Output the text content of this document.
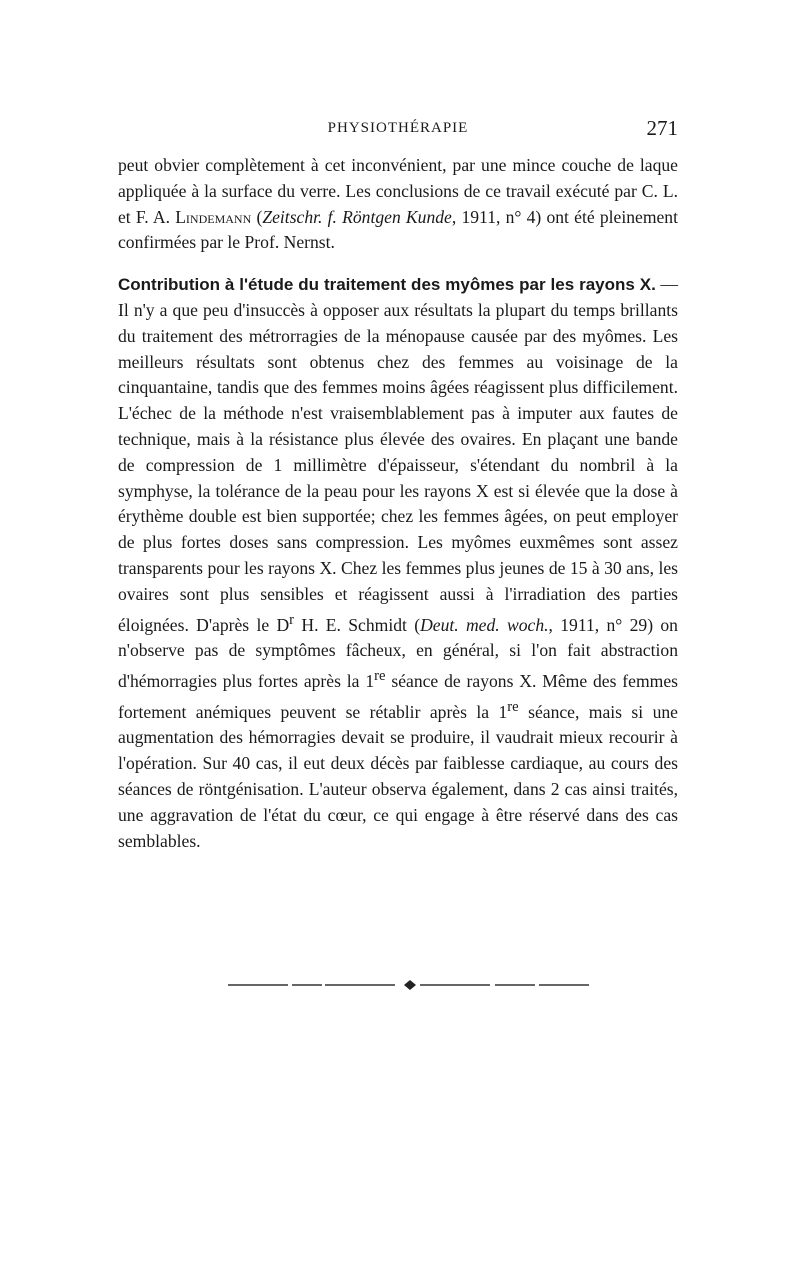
PHYSIOTHÉRAPIE	271

peut obvier complètement à cet inconvénient, par une mince couche de laque appliquée à la surface du verre. Les conclusions de ce travail exécuté par C. L. et F. A. Lindemann (Zeitschr. f. Röntgen Kunde, 1911, n° 4) ont été pleinement confirmées par le Prof. Nernst.

Contribution à l'étude du traitement des myômes par les rayons X. — Il n'y a que peu d'insuccès à opposer aux résultats la plupart du temps brillants du traitement des métrorragies de la ménopause causée par des myômes. Les meilleurs résultats sont obtenus chez des femmes au voisinage de la cinquantaine, tandis que des femmes moins âgées réagissent plus difficilement. L'échec de la méthode n'est vraisemblablement pas à imputer aux fautes de technique, mais à la résistance plus élevée des ovaires. En plaçant une bande de compression de 1 millimètre d'épaisseur, s'étendant du nombril à la symphyse, la tolérance de la peau pour les rayons X est si élevée que la dose à érythème double est bien supportée; chez les femmes âgées, on peut employer de plus fortes doses sans compression. Les myômes euxmêmes sont assez transparents pour les rayons X. Chez les femmes plus jeunes de 15 à 30 ans, les ovaires sont plus sensibles et réagissent aussi à l'irradiation des parties éloignées. D'après le $D^r$ H. E. Schmidt (Deut. med. woch., 1911, n° 29) on n'observe pas de symptômes fâcheux, en général, si l'on fait abstraction d'hémorragies plus fortes après la 1re séance de rayons X. Même des femmes fortement anémiques peuvent se rétablir après la 1re séance, mais si une augmentation des hémorragies devait se produire, il vaudrait mieux recourir à l'opération. Sur 40 cas, il eut deux décès par faiblesse cardiaque, au cours des séances de röntgénisation. L'auteur observa également, dans 2 cas ainsi traités, une aggravation de l'état du cœur, ce qui engage à être réservé dans des cas semblables.
